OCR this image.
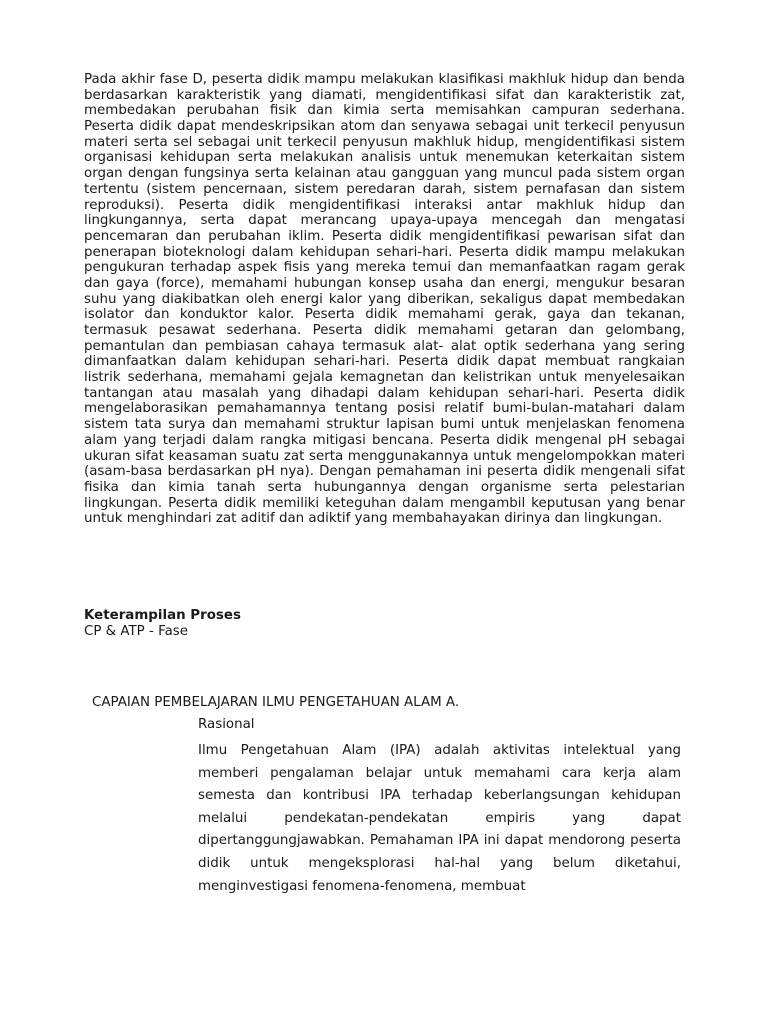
Pada akhir fase D, peserta didik mampu melakukan klasifikasi makhluk hidup dan benda berdasarkan karakteristik yang diamati, mengidentifikasi sifat dan karakteristik zat, membedakan perubahan fisik dan kimia serta memisahkan campuran sederhana. Peserta didik dapat mendeskripsikan atom dan senyawa sebagai unit terkecil penyusun materi serta sel sebagai unit terkecil penyusun makhluk hidup, mengidentifikasi sistem organisasi kehidupan serta melakukan analisis untuk menemukan keterkaitan sistem organ dengan fungsinya serta kelainan atau gangguan yang muncul pada sistem organ tertentu (sistem pencernaan, sistem peredaran darah, sistem pernafasan dan sistem reproduksi). Peserta didik mengidentifikasi interaksi antar makhluk hidup dan lingkungannya, serta dapat merancang upaya-upaya mencegah dan mengatasi pencemaran dan perubahan iklim. Peserta didik mengidentifikasi pewarisan sifat dan penerapan bioteknologi dalam kehidupan sehari-hari. Peserta didik mampu melakukan pengukuran terhadap aspek fisis yang mereka temui dan memanfaatkan ragam gerak dan gaya (force), memahami hubungan konsep usaha dan energi, mengukur besaran suhu yang diakibatkan oleh energi kalor yang diberikan, sekaligus dapat membedakan isolator dan konduktor kalor. Peserta didik memahami gerak, gaya dan tekanan, termasuk pesawat sederhana. Peserta didik memahami getaran dan gelombang, pemantulan dan pembiasan cahaya termasuk alat- alat optik sederhana yang sering dimanfaatkan dalam kehidupan sehari-hari. Peserta didik dapat membuat rangkaian listrik sederhana, memahami gejala kemagnetan dan kelistrikan untuk menyelesaikan tantangan atau masalah yang dihadapi dalam kehidupan sehari-hari. Peserta didik mengelaborasikan pemahamannya tentang posisi relatif bumi-bulan-matahari dalam sistem tata surya dan memahami struktur lapisan bumi untuk menjelaskan fenomena alam yang terjadi dalam rangka mitigasi bencana. Peserta didik mengenal pH sebagai ukuran sifat keasaman suatu zat serta menggunakannya untuk mengelompokkan materi (asam-basa berdasarkan pH nya). Dengan pemahaman ini peserta didik mengenali sifat fisika dan kimia tanah serta hubungannya dengan organisme serta pelestarian lingkungan. Peserta didik memiliki keteguhan dalam mengambil keputusan yang benar untuk menghindari zat aditif dan adiktif yang membahayakan dirinya dan lingkungan.

Keterampilan Proses

CP & ATP - Fase

CAPAIAN PEMBELAJARAN ILMU PENGETAHUAN ALAM A.

Rasional

Ilmu Pengetahuan Alam (IPA) adalah aktivitas intelektual yang memberi pengalaman belajar untuk memahami cara kerja alam semesta dan kontribusi IPA terhadap keberlangsungan kehidupan melalui pendekatan-pendekatan empiris yang dapat dipertanggungjawabkan. Pemahaman IPA ini dapat mendorong peserta didik untuk mengeksplorasi hal-hal yang belum diketahui, menginvestigasi fenomena-fenomena, membuat
